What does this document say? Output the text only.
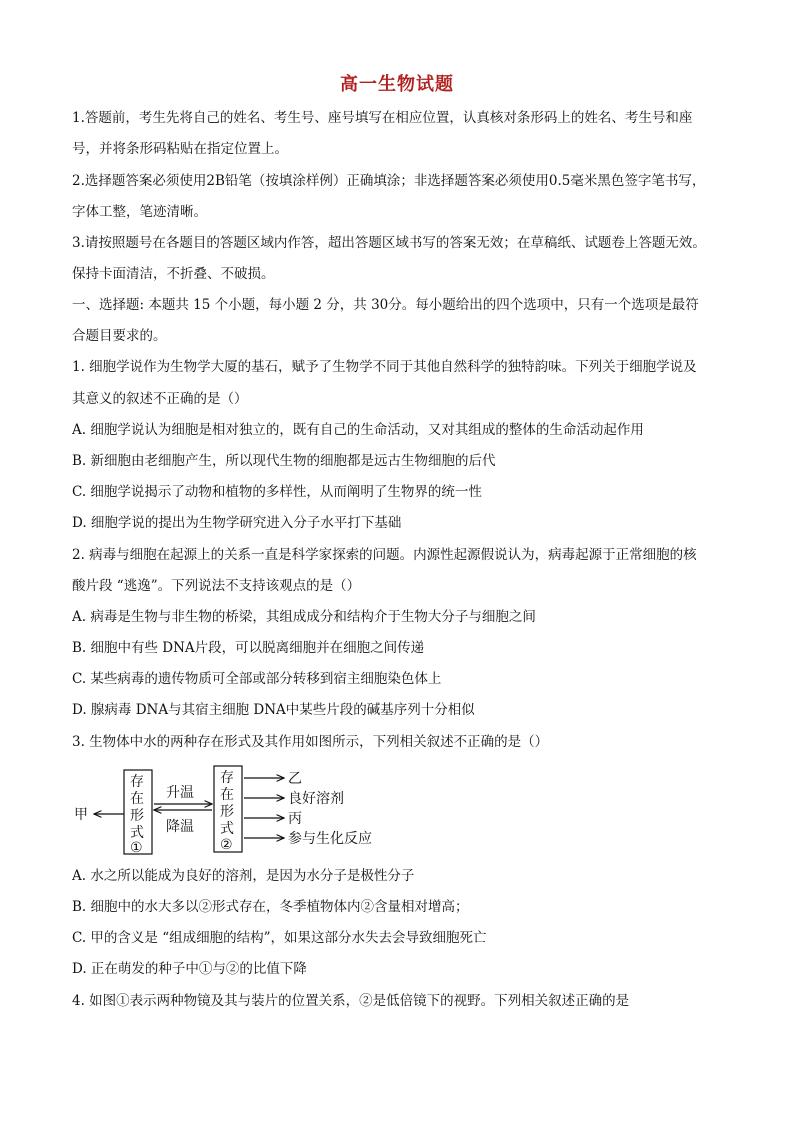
高一生物试题
1.答题前，考生先将自己的姓名、考生号、座号填写在相应位置，认真核对条形码上的姓名、考生号和座
号，并将条形码粘贴在指定位置上。
2.选择题答案必须使用2B铅笔（按填涂样例）正确填涂；非选择题答案必须使用0.5毫米黑色签字笔书写，
字体工整，笔迹清晰。
3.请按照题号在各题目的答题区域内作答，超出答题区域书写的答案无效；在草稿纸、试题卷上答题无效。
保持卡面清洁，不折叠、不破损。
一、选择题: 本题共 15 个小题，每小题 2 分，共 30分。每小题给出的四个选项中，只有一个选项是最符
合题目要求的。
1. 细胞学说作为生物学大厦的基石，赋予了生物学不同于其他自然科学的独特韵味。下列关于细胞学说及
其意义的叙述不正确的是（）
A. 细胞学说认为细胞是相对独立的，既有自己的生命活动，又对其组成的整体的生命活动起作用
B. 新细胞由老细胞产生，所以现代生物的细胞都是远古生物细胞的后代
C. 细胞学说揭示了动物和植物的多样性，从而阐明了生物界的统一性
D. 细胞学说的提出为生物学研究进入分子水平打下基础
2. 病毒与细胞在起源上的关系一直是科学家探索的问题。内源性起源假说认为，病毒起源于正常细胞的核
酸片段 “逃逸”。下列说法不支持该观点的是（）
A. 病毒是生物与非生物的桥梁，其组成成分和结构介于生物大分子与细胞之间
B. 细胞中有些 DNA片段，可以脱离细胞并在细胞之间传递
C. 某些病毒的遗传物质可全部或部分转移到宿主细胞染色体上
D. 腺病毒 DNA与其宿主细胞 DNA中某些片段的碱基序列十分相似
3. 生物体中水的两种存在形式及其作用如图所示，下列相关叙述不正确的是（）
甲
存
在
形
式
①
升温
降温
存
在
形
式
②
乙
良好溶剂
丙
参与生化反应
A. 水之所以能成为良好的溶剂，是因为水分子是极性分子
B. 细胞中的水大多以②形式存在，冬季植物体内②含量相对增高；
C. 甲的含义是 “组成细胞的结构”，如果这部分水失去会导致细胞死亡
D. 正在萌发的种子中①与②的比值下降
4. 如图①表示两种物镜及其与装片的位置关系，②是低倍镜下的视野。下列相关叙述正确的是
